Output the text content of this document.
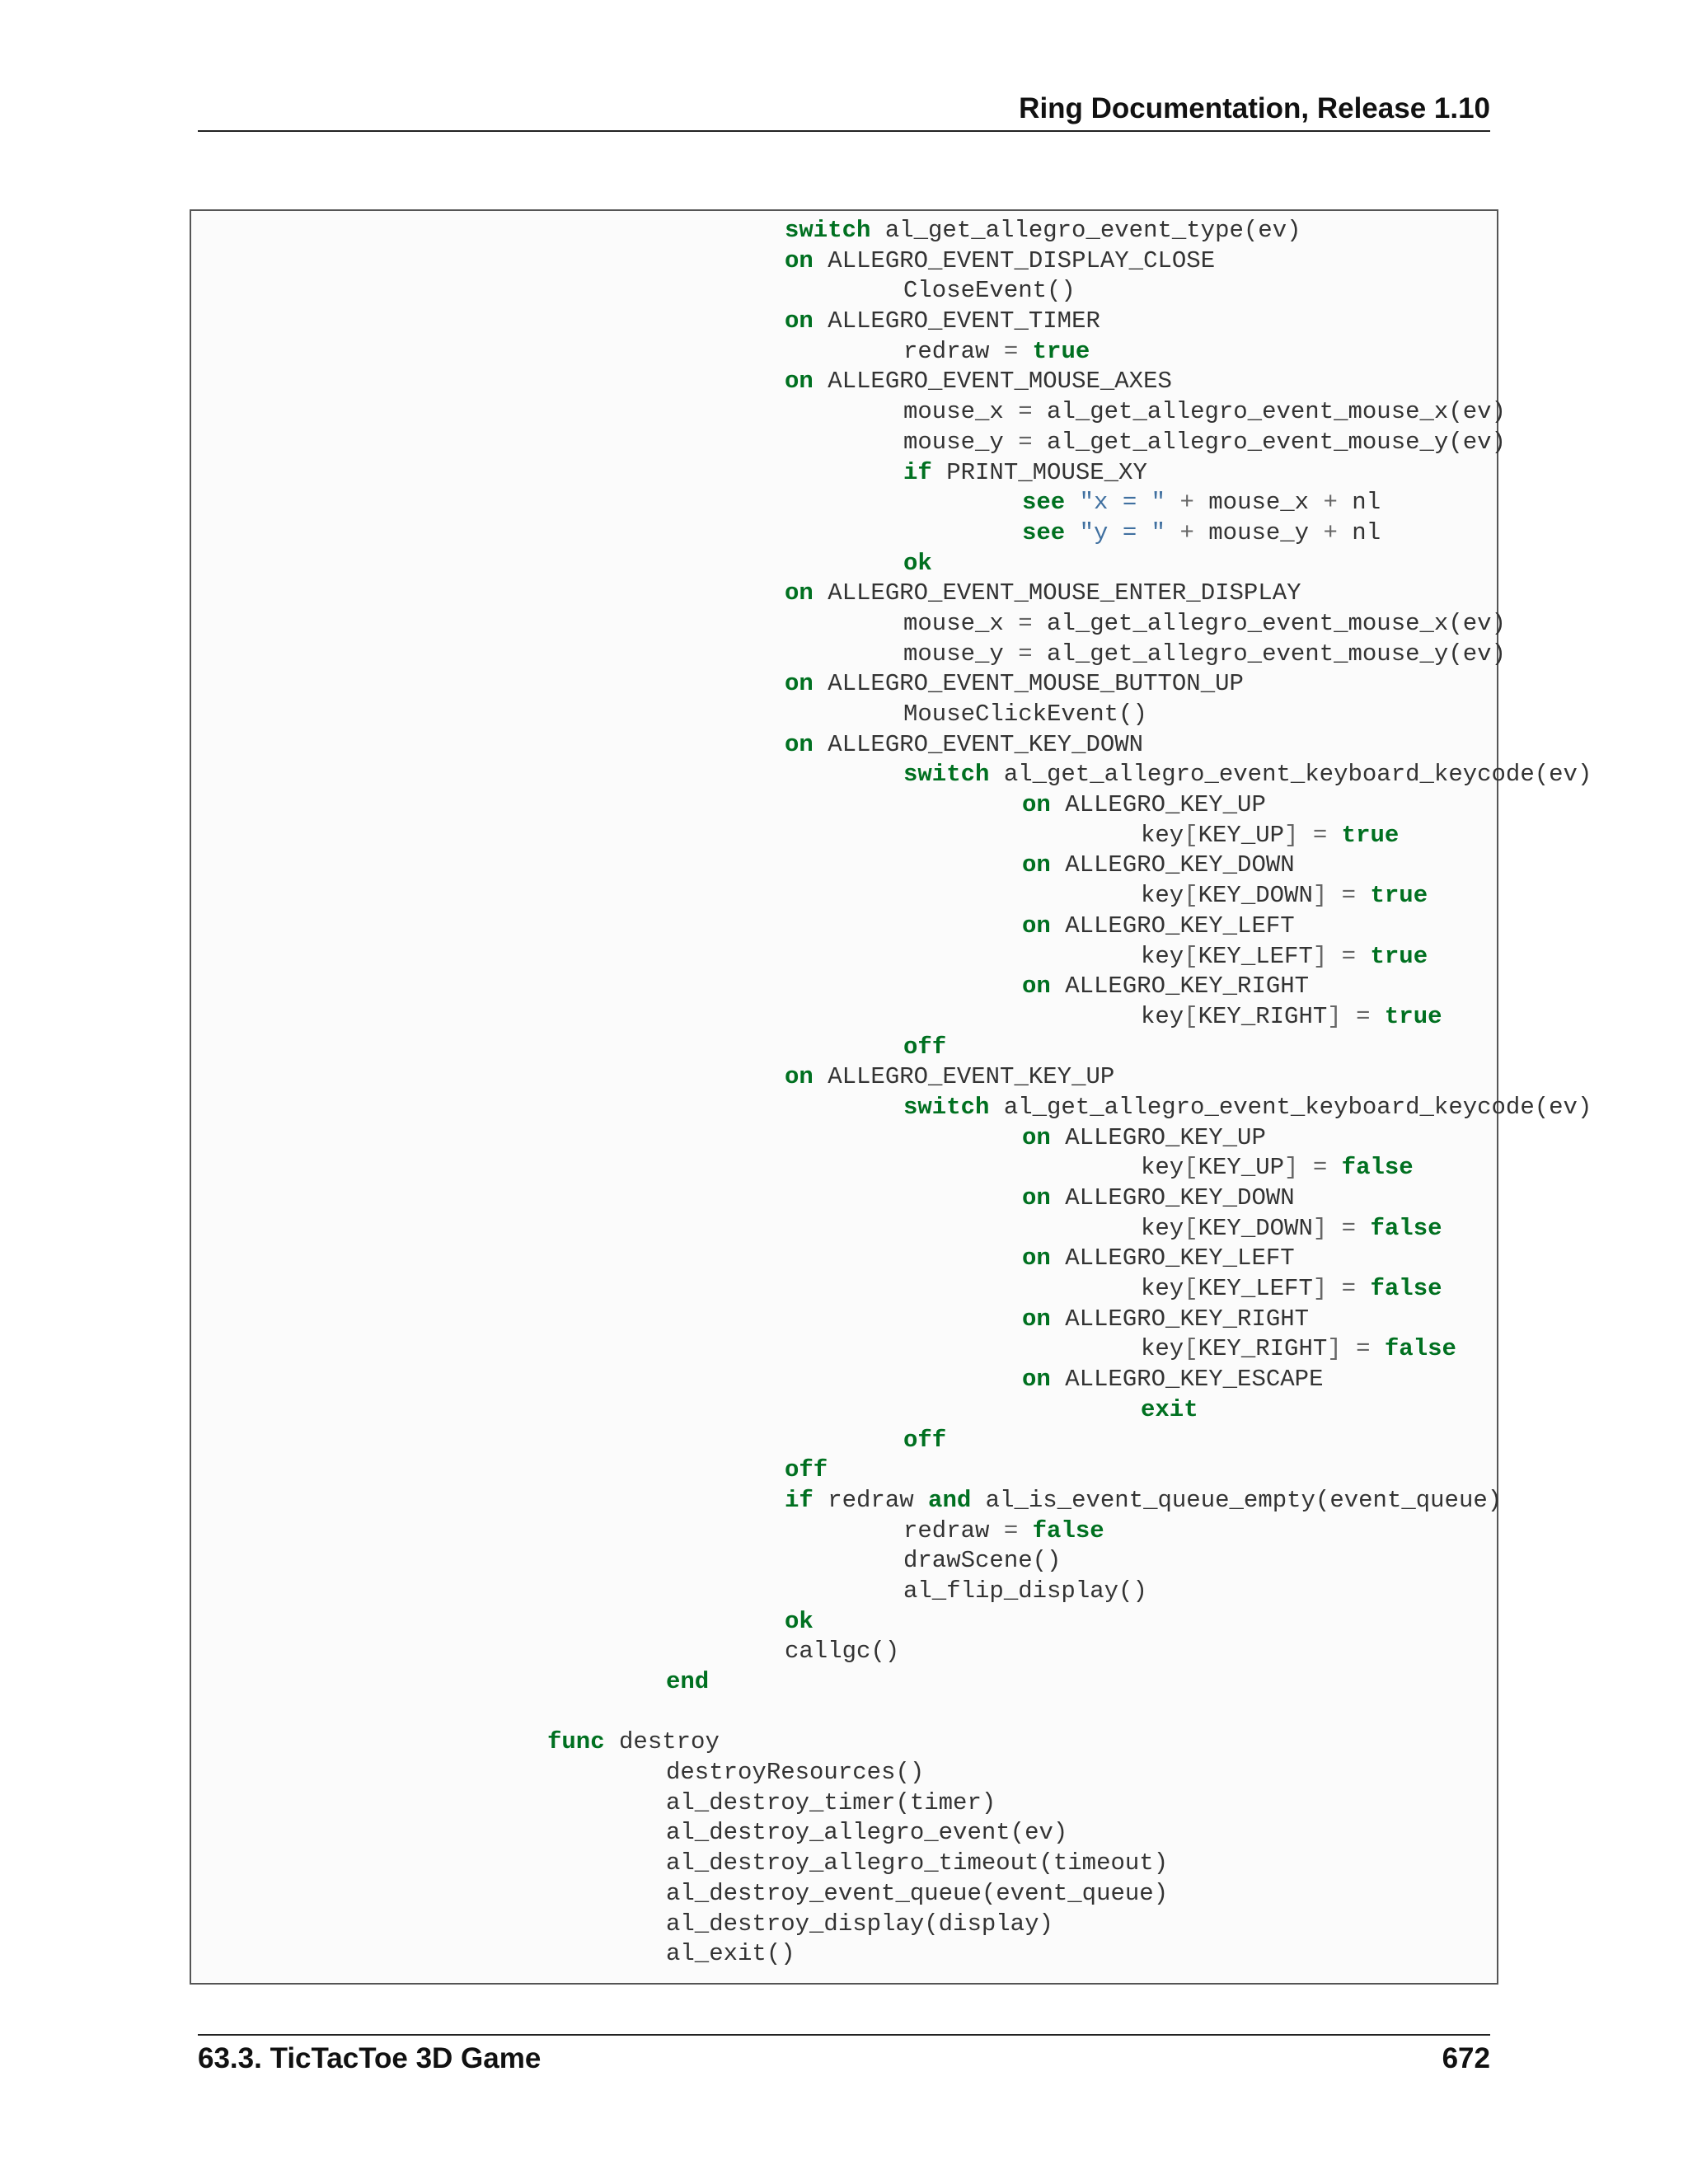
Ring Documentation, Release 1.10
switch al_get_allegro_event_type(ev)
on ALLEGRO_EVENT_DISPLAY_CLOSE
CloseEvent()
on ALLEGRO_EVENT_TIMER
redraw = true
on ALLEGRO_EVENT_MOUSE_AXES
mouse_x = al_get_allegro_event_mouse_x(ev)
mouse_y = al_get_allegro_event_mouse_y(ev)
if PRINT_MOUSE_XY
see "x = " + mouse_x + nl
see "y = " + mouse_y + nl
ok
on ALLEGRO_EVENT_MOUSE_ENTER_DISPLAY
mouse_x = al_get_allegro_event_mouse_x(ev)
mouse_y = al_get_allegro_event_mouse_y(ev)
on ALLEGRO_EVENT_MOUSE_BUTTON_UP
MouseClickEvent()
on ALLEGRO_EVENT_KEY_DOWN
switch al_get_allegro_event_keyboard_keycode(ev)
on ALLEGRO_KEY_UP
key[KEY_UP] = true
on ALLEGRO_KEY_DOWN
key[KEY_DOWN] = true
on ALLEGRO_KEY_LEFT
key[KEY_LEFT] = true
on ALLEGRO_KEY_RIGHT
key[KEY_RIGHT] = true
off
on ALLEGRO_EVENT_KEY_UP
switch al_get_allegro_event_keyboard_keycode(ev)
on ALLEGRO_KEY_UP
key[KEY_UP] = false
on ALLEGRO_KEY_DOWN
key[KEY_DOWN] = false
on ALLEGRO_KEY_LEFT
key[KEY_LEFT] = false
on ALLEGRO_KEY_RIGHT
key[KEY_RIGHT] = false
on ALLEGRO_KEY_ESCAPE
exit
off
off
if redraw and al_is_event_queue_empty(event_queue)
redraw = false
drawScene()
al_flip_display()
ok
callgc()
end

func destroy
destroyResources()
al_destroy_timer(timer)
al_destroy_allegro_event(ev)
al_destroy_allegro_timeout(timeout)
al_destroy_event_queue(event_queue)
al_destroy_display(display)
al_exit()
63.3. TicTacToe 3D Game	672
